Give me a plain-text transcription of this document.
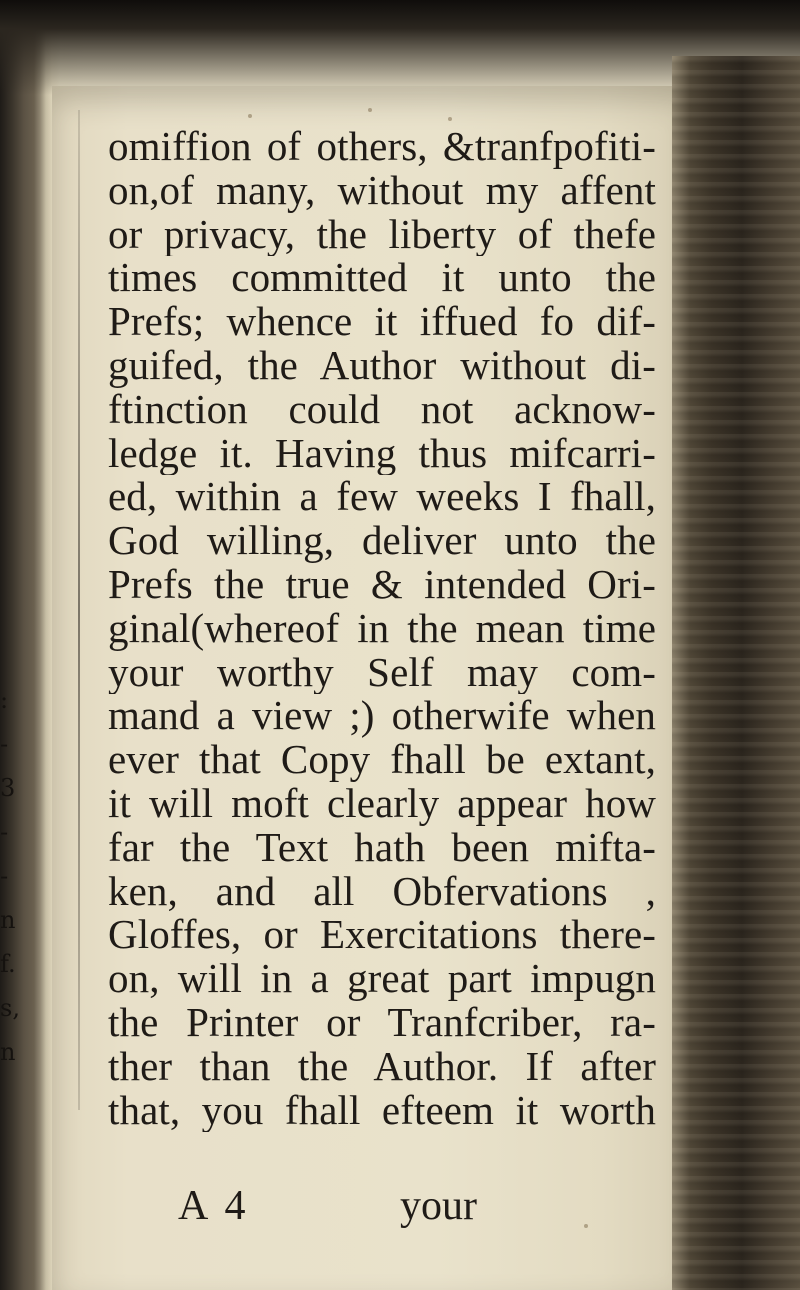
:
-
3
-
-
n
f.
s,
n
omiffion of others, &tranfpofiti-
on,of many, without my affent
or privacy, the liberty of thefe
times committed it unto the
Prefs; whence it iffued fo dif-
guifed, the Author without di-
ftinction could not acknow-
ledge it. Having thus mifcarri-
ed, within a few weeks I fhall,
God willing, deliver unto the
Prefs the true & intended Ori-
ginal(whereof in the mean time
your worthy Self may com-
mand a view ;) otherwife when
ever that Copy fhall be extant,
it will moft clearly appear how
far the Text hath been mifta-
ken, and all Obfervations ,
Gloffes, or Exercitations there-
on, will in a great part impugn
the Printer or Tranfcriber, ra-
ther than the Author. If after
that, you fhall efteem it worth
A 4	your
